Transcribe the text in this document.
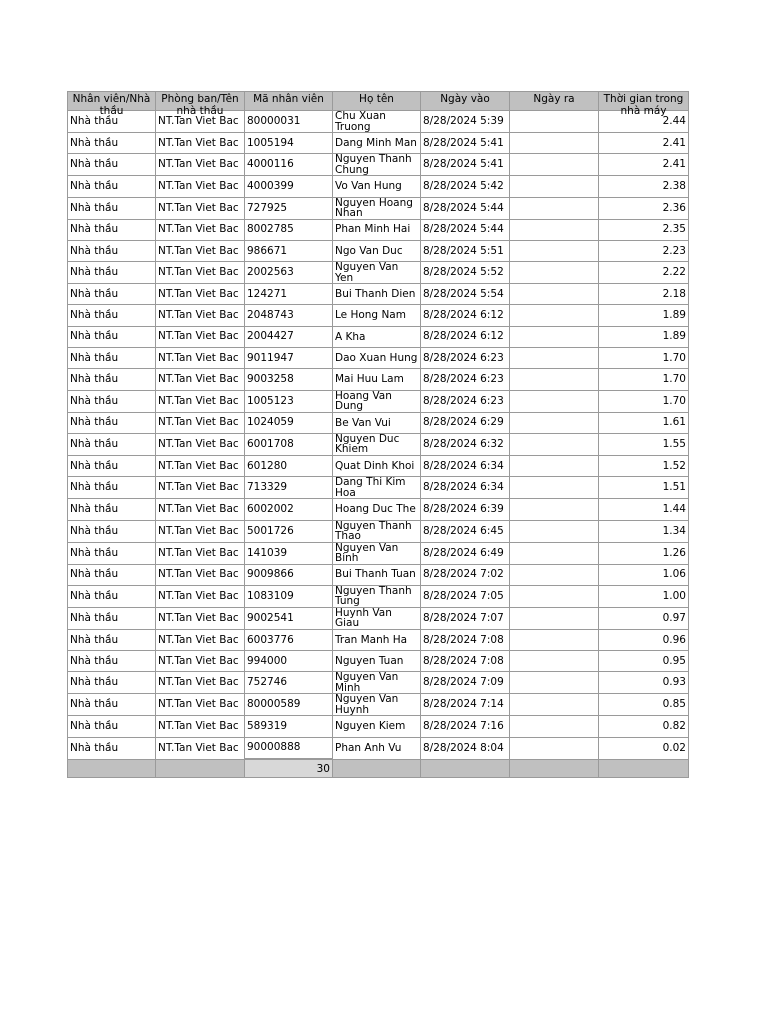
Nhân viên/Nhà thầu	Phòng ban/Tên nhà thầu	Mã nhân viên	Họ tên	Ngày vào	Ngày ra	Thời gian trong nhà máy

Nhà thầu	NT.Tan Viet Bac	80000031	Chu Xuan Truong	8/28/2024 5:39		2.44
Nhà thầu	NT.Tan Viet Bac	1005194	Dang Minh Man	8/28/2024 5:41		2.41
Nhà thầu	NT.Tan Viet Bac	4000116	Nguyen Thanh Chung	8/28/2024 5:41		2.41
Nhà thầu	NT.Tan Viet Bac	4000399	Vo Van Hung	8/28/2024 5:42		2.38
Nhà thầu	NT.Tan Viet Bac	727925	Nguyen Hoang Nhan	8/28/2024 5:44		2.36
Nhà thầu	NT.Tan Viet Bac	8002785	Phan Minh Hai	8/28/2024 5:44		2.35
Nhà thầu	NT.Tan Viet Bac	986671	Ngo Van Duc	8/28/2024 5:51		2.23
Nhà thầu	NT.Tan Viet Bac	2002563	Nguyen Van Yen	8/28/2024 5:52		2.22
Nhà thầu	NT.Tan Viet Bac	124271	Bui Thanh Dien	8/28/2024 5:54		2.18
Nhà thầu	NT.Tan Viet Bac	2048743	Le Hong Nam	8/28/2024 6:12		1.89
Nhà thầu	NT.Tan Viet Bac	2004427	A Kha	8/28/2024 6:12		1.89
Nhà thầu	NT.Tan Viet Bac	9011947	Dao Xuan Hung	8/28/2024 6:23		1.70
Nhà thầu	NT.Tan Viet Bac	9003258	Mai Huu Lam	8/28/2024 6:23		1.70
Nhà thầu	NT.Tan Viet Bac	1005123	Hoang Van Dung	8/28/2024 6:23		1.70
Nhà thầu	NT.Tan Viet Bac	1024059	Be Van Vui	8/28/2024 6:29		1.61
Nhà thầu	NT.Tan Viet Bac	6001708	Nguyen Duc Khiem	8/28/2024 6:32		1.55
Nhà thầu	NT.Tan Viet Bac	601280	Quat Dinh Khoi	8/28/2024 6:34		1.52
Nhà thầu	NT.Tan Viet Bac	713329	Dang Thi Kim Hoa	8/28/2024 6:34		1.51
Nhà thầu	NT.Tan Viet Bac	6002002	Hoang Duc The	8/28/2024 6:39		1.44
Nhà thầu	NT.Tan Viet Bac	5001726	Nguyen Thanh Thao	8/28/2024 6:45		1.34
Nhà thầu	NT.Tan Viet Bac	141039	Nguyen Van Binh	8/28/2024 6:49		1.26
Nhà thầu	NT.Tan Viet Bac	9009866	Bui Thanh Tuan	8/28/2024 7:02		1.06
Nhà thầu	NT.Tan Viet Bac	1083109	Nguyen Thanh Tung	8/28/2024 7:05		1.00
Nhà thầu	NT.Tan Viet Bac	9002541	Huynh Van Giau	8/28/2024 7:07		0.97
Nhà thầu	NT.Tan Viet Bac	6003776	Tran Manh Ha	8/28/2024 7:08		0.96
Nhà thầu	NT.Tan Viet Bac	994000	Nguyen Tuan	8/28/2024 7:08		0.95
Nhà thầu	NT.Tan Viet Bac	752746	Nguyen Van Minh	8/28/2024 7:09		0.93
Nhà thầu	NT.Tan Viet Bac	80000589	Nguyen Van Huynh	8/28/2024 7:14		0.85
Nhà thầu	NT.Tan Viet Bac	589319	Nguyen Kiem	8/28/2024 7:16		0.82
Nhà thầu	NT.Tan Viet Bac	90000888	Phan Anh Vu	8/28/2024 8:04		0.02
		30				
